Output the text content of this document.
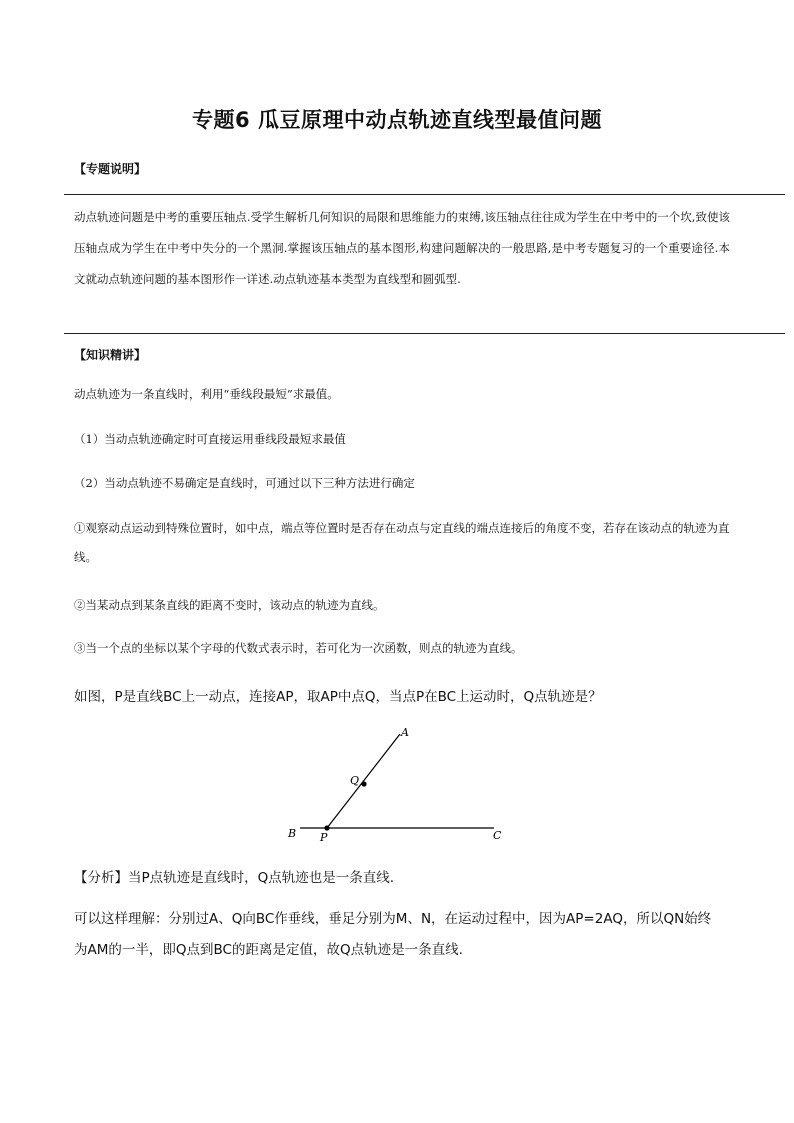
专题6 瓜豆原理中动点轨迹直线型最值问题
【专题说明】
动点轨迹问题是中考的重要压轴点.受学生解析几何知识的局限和思维能力的束缚,该压轴点往往成为学生在中考中的一个坎,致使该压轴点成为学生在中考中失分的一个黑洞.掌握该压轴点的基本图形,构建问题解决的一般思路,是中考专题复习的一个重要途径.本文就动点轨迹问题的基本图形作一详述.动点轨迹基本类型为直线型和圆弧型.
【知识精讲】
动点轨迹为一条直线时，利用“垂线段最短”求最值。
（1）当动点轨迹确定时可直接运用垂线段最短求最值
（2）当动点轨迹不易确定是直线时，可通过以下三种方法进行确定
①观察动点运动到特殊位置时，如中点，端点等位置时是否存在动点与定直线的端点连接后的角度不变，若存在该动点的轨迹为直线。
②当某动点到某条直线的距离不变时，该动点的轨迹为直线。
③当一个点的坐标以某个字母的代数式表示时，若可化为一次函数，则点的轨迹为直线。
如图，P是直线BC上一动点，连接AP，取AP中点Q，当点P在BC上运动时，Q点轨迹是？
A
Q
B P	C
【分析】当P点轨迹是直线时，Q点轨迹也是一条直线.
可以这样理解：分别过A、Q向BC作垂线，垂足分别为M、N，在运动过程中，因为AP=2AQ，所以QN始终为AM的一半，即Q点到BC的距离是定值，故Q点轨迹是一条直线.
